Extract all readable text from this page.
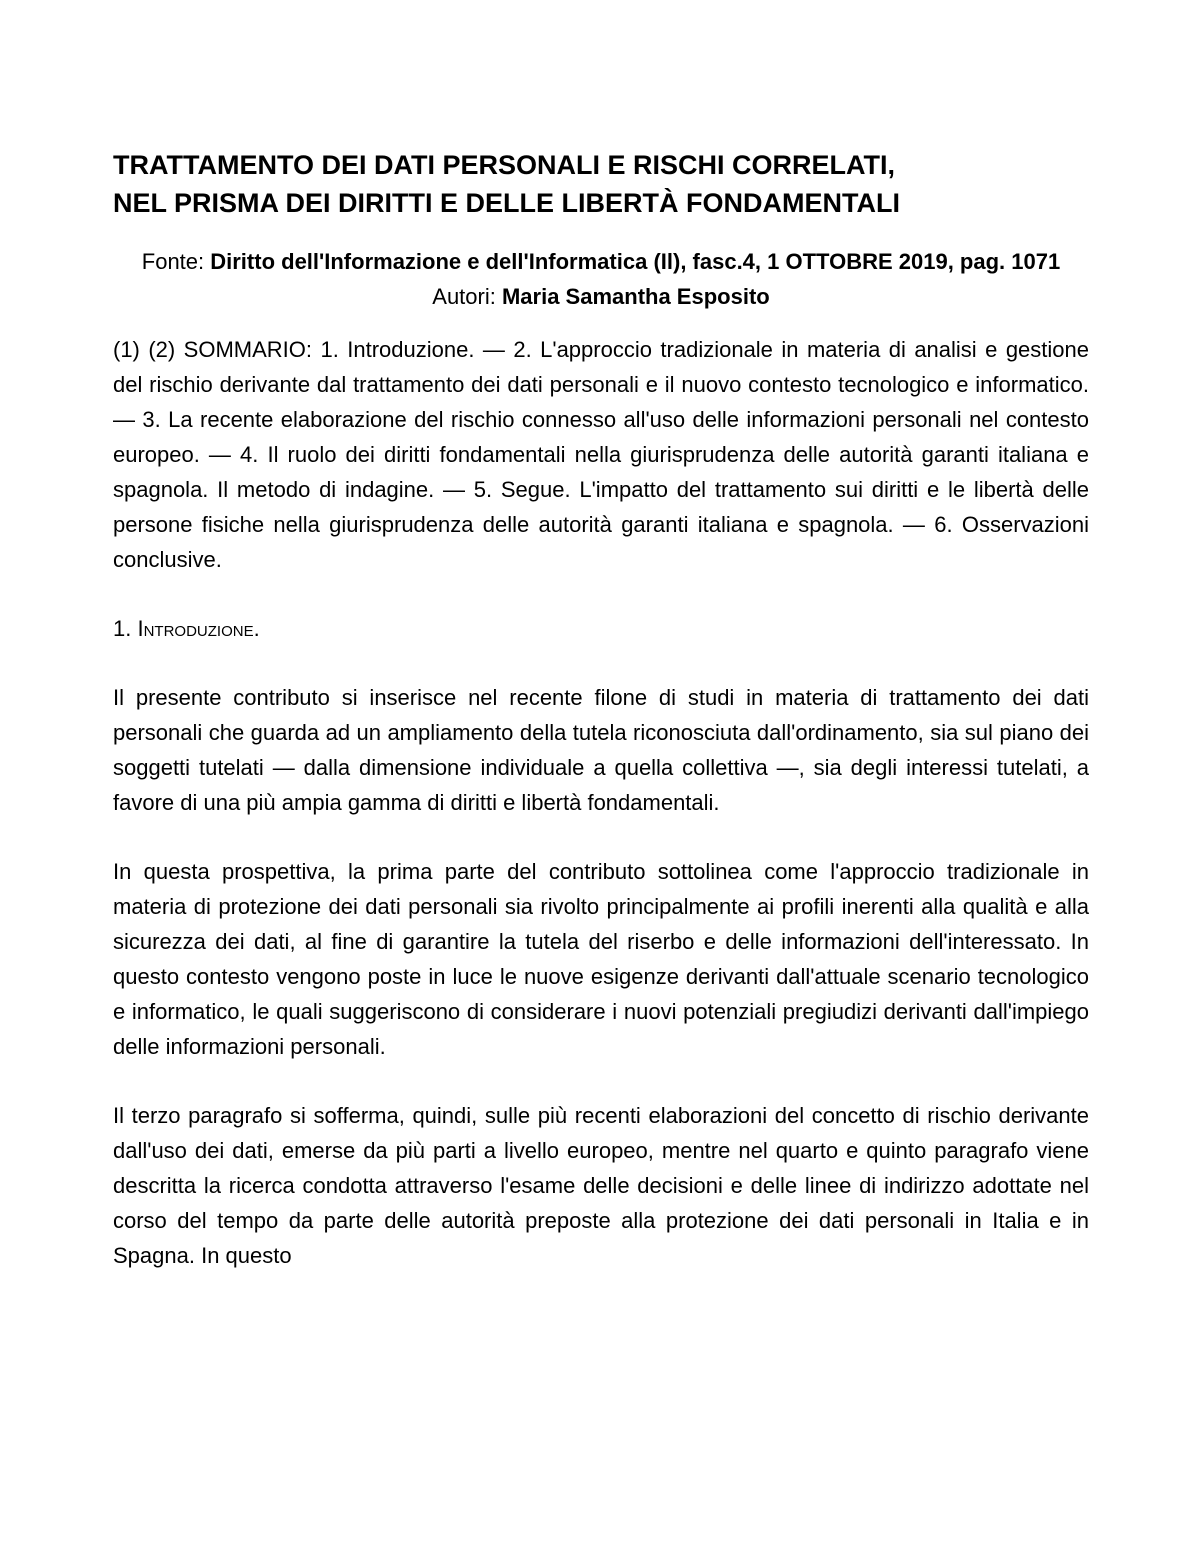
TRATTAMENTO DEI DATI PERSONALI E RISCHI CORRELATI,
NEL PRISMA DEI DIRITTI E DELLE LIBERTÀ FONDAMENTALI
Fonte: Diritto dell'Informazione e dell'Informatica (Il), fasc.4, 1 OTTOBRE 2019, pag. 1071
Autori: Maria Samantha Esposito
(1) (2) SOMMARIO: 1. Introduzione. — 2. L'approccio tradizionale in materia di analisi e gestione del rischio derivante dal trattamento dei dati personali e il nuovo contesto tecnologico e informatico. — 3. La recente elaborazione del rischio connesso all'uso delle informazioni personali nel contesto europeo. — 4. Il ruolo dei diritti fondamentali nella giurisprudenza delle autorità garanti italiana e spagnola. Il metodo di indagine. — 5. Segue. L'impatto del trattamento sui diritti e le libertà delle persone fisiche nella giurisprudenza delle autorità garanti italiana e spagnola. — 6. Osservazioni conclusive.
1. Introduzione.

Il presente contributo si inserisce nel recente filone di studi in materia di trattamento dei dati personali che guarda ad un ampliamento della tutela riconosciuta dall'ordinamento, sia sul piano dei soggetti tutelati — dalla dimensione individuale a quella collettiva —, sia degli interessi tutelati, a favore di una più ampia gamma di diritti e libertà fondamentali.

In questa prospettiva, la prima parte del contributo sottolinea come l'approccio tradizionale in materia di protezione dei dati personali sia rivolto principalmente ai profili inerenti alla qualità e alla sicurezza dei dati, al fine di garantire la tutela del riserbo e delle informazioni dell'interessato. In questo contesto vengono poste in luce le nuove esigenze derivanti dall'attuale scenario tecnologico e informatico, le quali suggeriscono di considerare i nuovi potenziali pregiudizi derivanti dall'impiego delle informazioni personali.

Il terzo paragrafo si sofferma, quindi, sulle più recenti elaborazioni del concetto di rischio derivante dall'uso dei dati, emerse da più parti a livello europeo, mentre nel quarto e quinto paragrafo viene descritta la ricerca condotta attraverso l'esame delle decisioni e delle linee di indirizzo adottate nel corso del tempo da parte delle autorità preposte alla protezione dei dati personali in Italia e in Spagna. In questo
